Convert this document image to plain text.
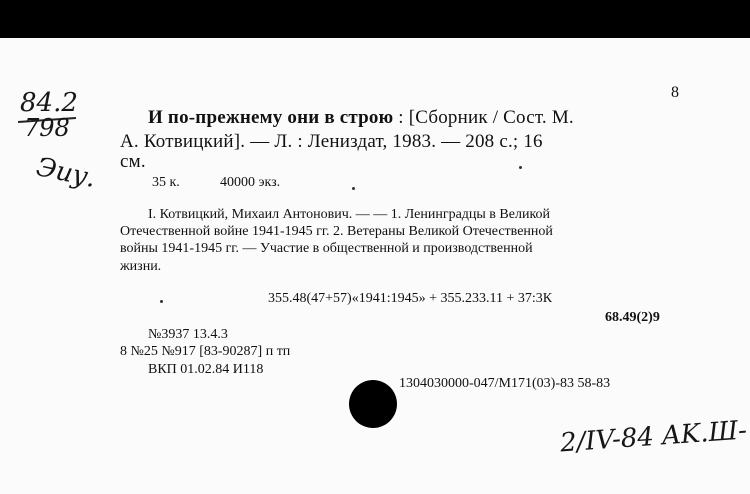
84.2
798
Эиу.
8
И по-прежнему они в строю : [Сборник / Сост. М.
А. Котвицкий]. — Л. : Лениздат, 1983. — 208 с.; 16
см.
35 к.	40000 экз.
I. Котвицкий, Михаил Антонович. — — 1. Ленинградцы в Великой
Отечественной войне 1941-1945 гг. 2. Ветераны Великой Отечественной
войны 1941-1945 гг. — Участие в общественной и производственной
жизни.
355.48(47+57)«1941:1945» + 355.233.11 + 37:3К
68.49(2)9
№3937 13.4.3
8 №25 №917 [83-90287] п тп
ВКП 01.02.84 И118
1304030000-047/М171(03)-83 58-83
2/IV-84 AK.Ш-
